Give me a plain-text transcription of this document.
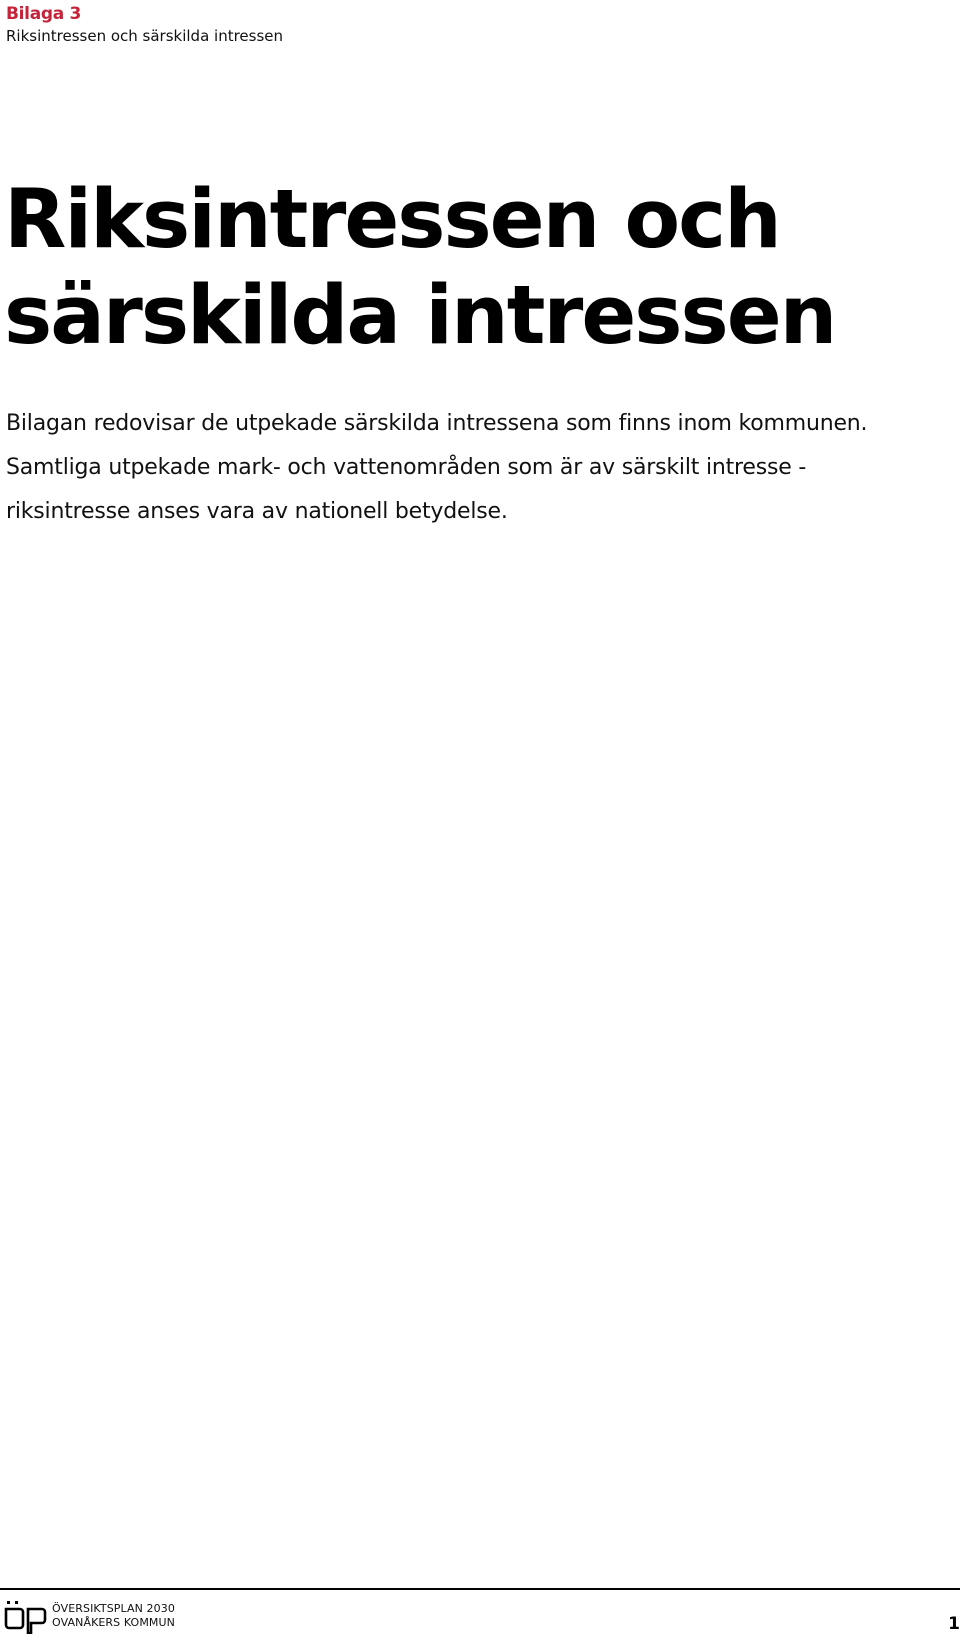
Bilaga 3
Riksintressen och särskilda intressen
Riksintressen och
särskilda intressen

Bilagan redovisar de utpekade särskilda intressena som finns inom kommunen.

Samtliga utpekade mark- och vattenområden som är av särskilt intresse -

riksintresse anses vara av nationell betydelse.

ÖVERSIKTSPLAN 2030
OVANÅKERS KOMMUN	1
